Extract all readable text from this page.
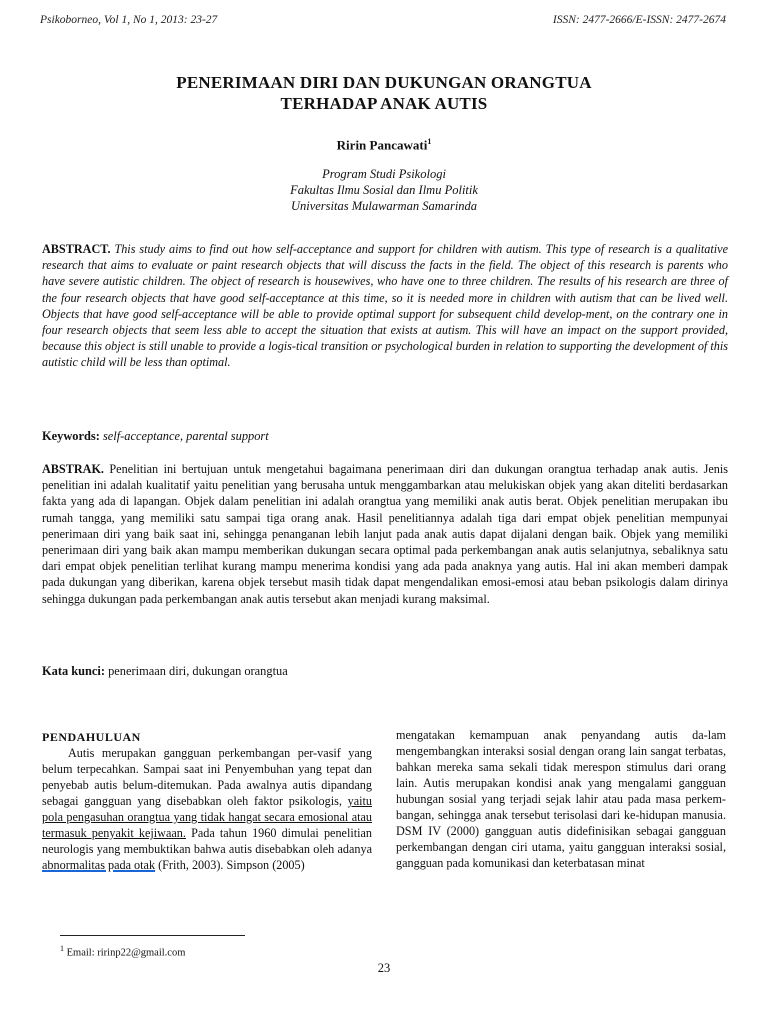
Psikoborneo, Vol 1, No 1, 2013: 23-27	ISSN: 2477-2666/E-ISSN: 2477-2674
PENERIMAAN DIRI DAN DUKUNGAN ORANGTUA
TERHADAP ANAK AUTIS
Ririn Pancawati$^1$
Program Studi Psikologi
Fakultas Ilmu Sosial dan Ilmu Politik
Universitas Mulawarman Samarinda
ABSTRACT. This study aims to find out how self-acceptance and support for children with autism. This type of research is a qualitative research that aims to evaluate or paint research objects that will discuss the facts in the field. The object of this research is parents who have severe autistic children. The object of research is housewives, who have one to three children. The results of his research are three of the four research objects that have good self-acceptance at this time, so it is needed more in children with autism that can be lived well. Objects that have good self-acceptance will be able to provide optimal support for subsequent child develop-ment, on the contrary one in four research objects that seem less able to accept the situation that exists at autism. This will have an impact on the support provided, because this object is still unable to provide a logis-tical transition or psychological burden in relation to supporting the development of this autistic child will be less than optimal.
Keywords: self-acceptance, parental support
ABSTRAK. Penelitian ini bertujuan untuk mengetahui bagaimana penerimaan diri dan dukungan orangtua terhadap anak autis. Jenis penelitian ini adalah kualitatif yaitu penelitian yang berusaha untuk menggambarkan atau melukiskan objek yang akan diteliti berdasarkan fakta yang ada di lapangan. Objek dalam penelitian ini adalah orangtua yang memiliki anak autis berat. Objek penelitian merupakan ibu rumah tangga, yang memiliki satu sampai tiga orang anak. Hasil penelitiannya adalah tiga dari empat objek penelitian mempunyai penerimaan diri yang baik saat ini, sehingga penanganan lebih lanjut pada anak autis dapat dijalani dengan baik. Objek yang memiliki penerimaan diri yang baik akan mampu memberikan dukungan secara optimal pada perkembangan anak autis selanjutnya, sebaliknya satu dari empat objek penelitian terlihat kurang mampu menerima kondisi yang ada pada anaknya yang autis. Hal ini akan memberi dampak pada dukungan yang diberikan, karena objek tersebut masih tidak dapat mengendalikan emosi-emosi atau beban psikologis dalam dirinya sehingga dukungan pada perkembangan anak autis tersebut akan menjadi kurang maksimal.
Kata kunci: penerimaan diri, dukungan orangtua

PENDAHULUAN

Autis merupakan gangguan perkembangan per-vasif yang belum terpecahkan. Sampai saat ini Penyembuhan yang tepat dan penyebab autis belum-ditemukan. Pada awalnya autis dipandang sebagai gangguan yang disebabkan oleh faktor psikologis, yaitu pola pengasuhan orangtua yang tidak hangat secara emosional atau termasuk penyakit kejiwaan. Pada tahun 1960 dimulai penelitian neurologis yang membuktikan bahwa autis disebabkan oleh adanya abnormalitas pada otak (Frith, 2003). Simpson (2005)

mengatakan kemampuan anak penyandang autis da-lam mengembangkan interaksi sosial dengan orang lain sangat terbatas, bahkan mereka sama sekali tidak merespon stimulus dari orang lain. Autis merupakan kondisi anak yang mengalami gangguan hubungan sosial yang terjadi sejak lahir atau pada masa perkem-bangan, sehingga anak tersebut terisolasi dari ke-hidupan manusia. DSM IV (2000) gangguan autis didefinisikan sebagai gangguan perkembangan dengan ciri utama, yaitu gangguan interaksi sosial, gangguan pada komunikasi dan keterbatasan minat

$^1$ Email: ririnp22@gmail.com
23
